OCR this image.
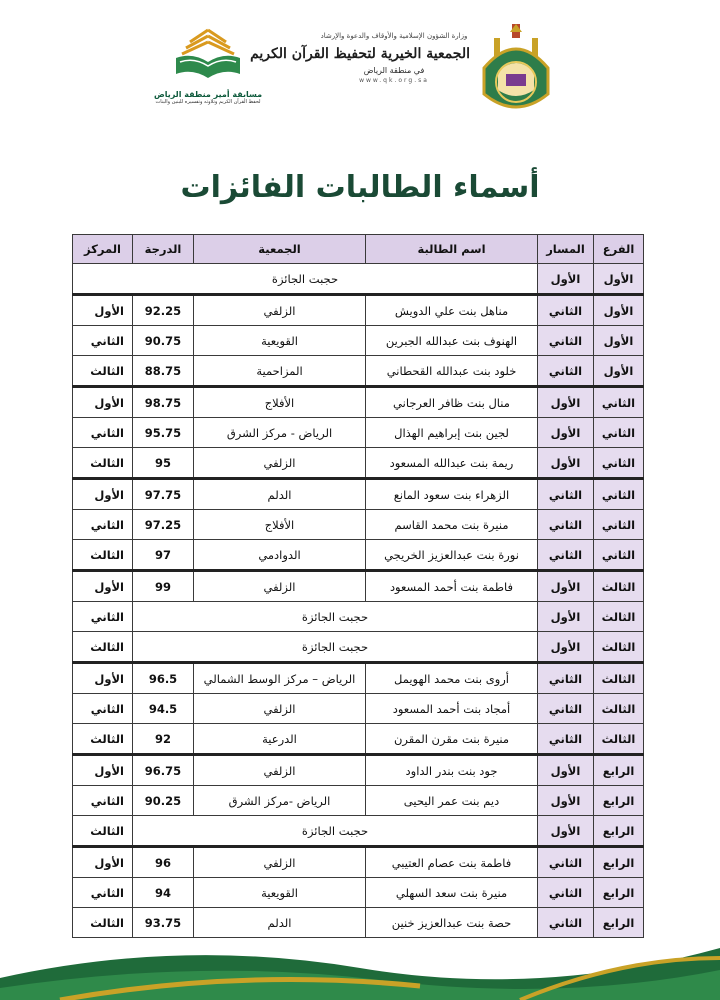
وزارة الشؤون الإسلامية والأوقاف والدعوة والإرشاد
الجمعية الخيرية لتحفيظ القرآن الكريم
في منطقة الرياض
www.qk.org.sa
مسابقة أمير منطقة الرياض
لحفظ القرآن الكريم وتلاوته وتفسيره للبنين والبنات
أسماء الطالبات الفائزات
الفرع	المسار	اسم الطالبة	الجمعية	الدرجة	المركز
الأول	الأول	حجبت الجائزة			
الأول	الثاني	مناهل بنت علي الدويش	الزلفي	92.25	الأول
الأول	الثاني	الهنوف بنت عبدالله الجبرين	القويعية	90.75	الثاني
الأول	الثاني	خلود بنت عبدالله القحطاني	المزاحمية	88.75	الثالث
الثاني	الأول	منال بنت ظافر العرجاني	الأفلاج	98.75	الأول
الثاني	الأول	لجين بنت إبراهيم الهذال	الرياض - مركز الشرق	95.75	الثاني
الثاني	الأول	ريمة بنت عبدالله المسعود	الزلفي	95	الثالث
الثاني	الثاني	الزهراء بنت سعود المانع	الدلم	97.75	الأول
الثاني	الثاني	منيرة بنت محمد القاسم	الأفلاج	97.25	الثاني
الثاني	الثاني	نورة بنت عبدالعزيز الخريجي	الدوادمي	97	الثالث
الثالث	الأول	فاطمة بنت أحمد المسعود	الزلفي	99	الأول
الثالث	الأول	حجبت الجائزة			الثاني
الثالث	الأول	حجبت الجائزة			الثالث
الثالث	الثاني	أروى بنت محمد الهويمل	الرياض – مركز الوسط الشمالي	96.5	الأول
الثالث	الثاني	أمجاد بنت أحمد المسعود	الزلفي	94.5	الثاني
الثالث	الثاني	منيرة بنت مقرن المقرن	الدرعية	92	الثالث
الرابع	الأول	جود بنت بندر الداود	الزلفي	96.75	الأول
الرابع	الأول	ديم بنت عمر اليحيى	الرياض -مركز الشرق	90.25	الثاني
الرابع	الأول	حجبت الجائزة			الثالث
الرابع	الثاني	فاطمة بنت عصام العتيبي	الزلفي	96	الأول
الرابع	الثاني	منيرة بنت سعد السهلي	القويعية	94	الثاني
الرابع	الثاني	حصة بنت عبدالعزيز خنين	الدلم	93.75	الثالث
